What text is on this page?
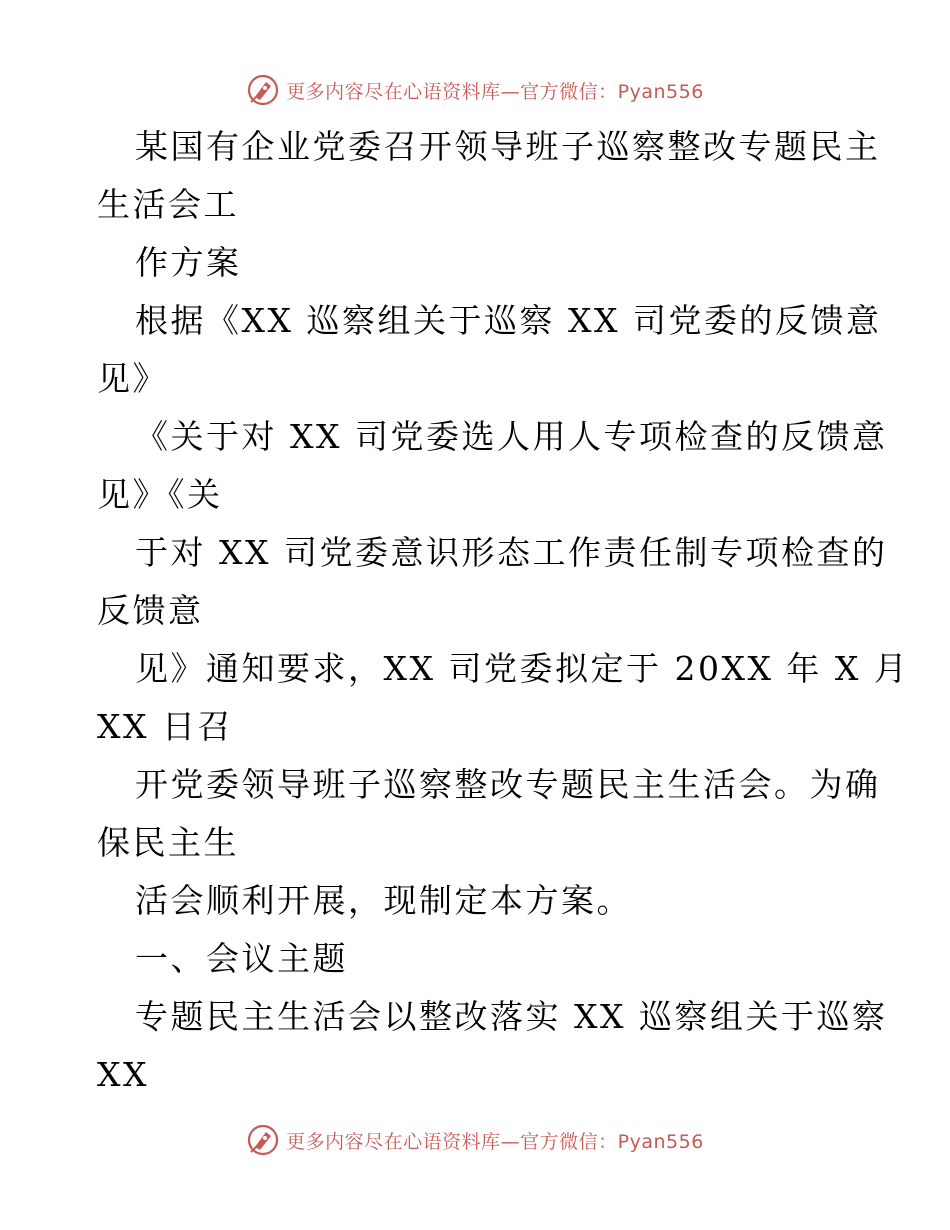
更多内容尽在心语资料库—官方微信：Pyan556
某国有企业党委召开领导班子巡察整改专题民主
生活会工
作方案
根据《XX 巡察组关于巡察 XX 司党委的反馈意
见》
《关于对 XX 司党委选人用人专项检查的反馈意
见》《关
于对 XX 司党委意识形态工作责任制专项检查的
反馈意
见》通知要求，XX 司党委拟定于 20XX 年 X 月
XX 日召
开党委领导班子巡察整改专题民主生活会。为确
保民主生
活会顺利开展，现制定本方案。
一、会议主题
专题民主生活会以整改落实 XX 巡察组关于巡察
XX
更多内容尽在心语资料库—官方微信：Pyan556
